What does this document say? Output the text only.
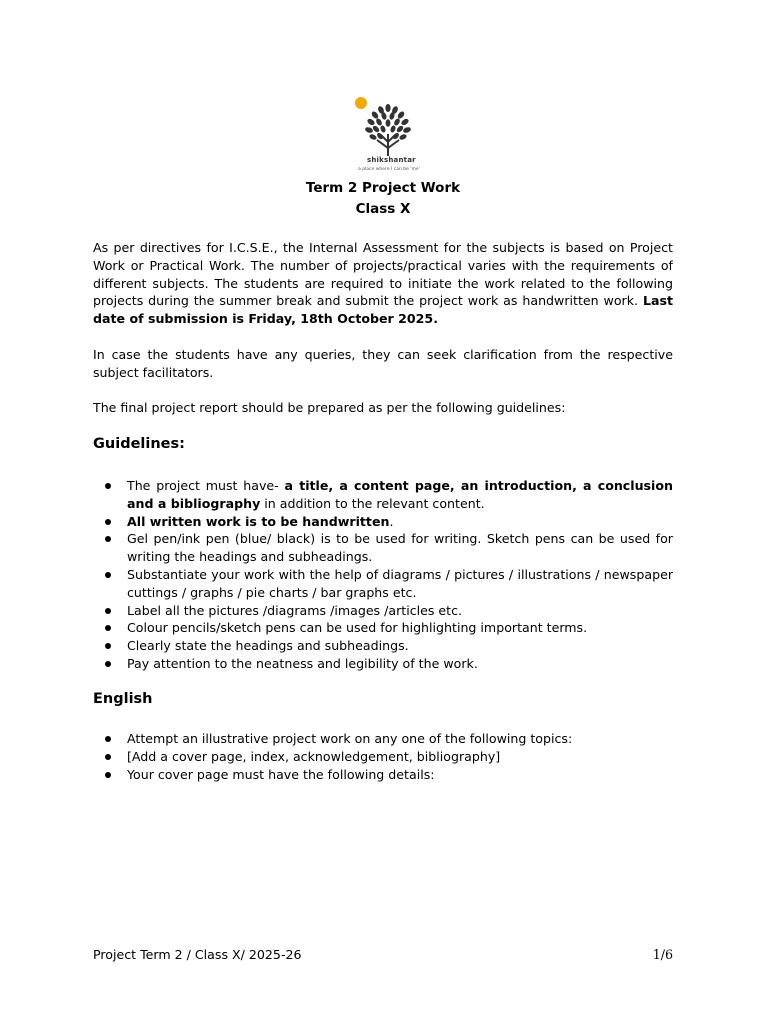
shikshantar
a place where I can be 'me'
Term 2 Project Work
Class X
As per directives for I.C.S.E., the Internal Assessment for the subjects is based on Project Work or Practical Work. The number of projects/practical varies with the requirements of different subjects. The students are required to initiate the work related to the following projects during the summer break and submit the project work as handwritten work. Last date of submission is Friday, 18th October 2025.
In case the students have any queries, they can seek clarification from the respective subject facilitators.
The final project report should be prepared as per the following guidelines:
Guidelines:
The project must have- a title, a content page, an introduction, a conclusion and a bibliography in addition to the relevant content.
All written work is to be handwritten.
Gel pen/ink pen (blue/ black) is to be used for writing. Sketch pens can be used for writing the headings and subheadings.
Substantiate your work with the help of diagrams / pictures / illustrations / newspaper cuttings / graphs / pie charts / bar graphs etc.
Label all the pictures /diagrams /images /articles etc.
Colour pencils/sketch pens can be used for highlighting important terms.
Clearly state the headings and subheadings.
Pay attention to the neatness and legibility of the work.
English
Attempt an illustrative project work on any one of the following topics:
[Add a cover page, index, acknowledgement, bibliography]
Your cover page must have the following details:
Project Term 2 / Class X/ 2025-26	1/6
